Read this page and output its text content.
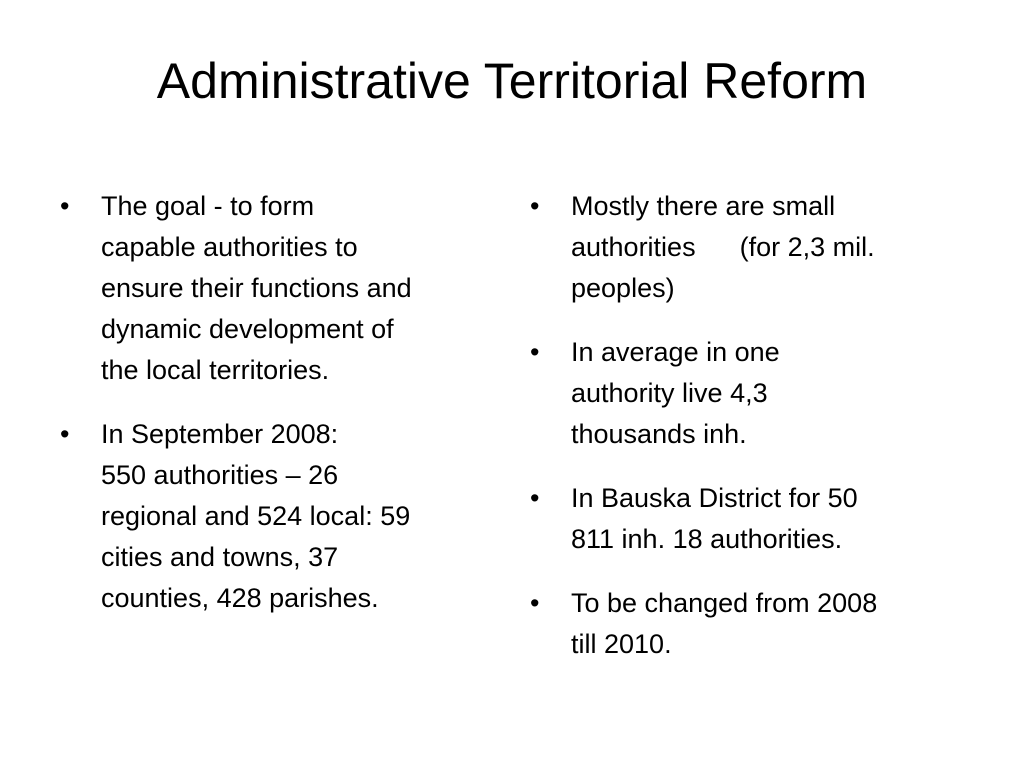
Administrative Territorial Reform
• The goal - to form
capable authorities to
ensure their functions and
dynamic development of
the local territories.
• In September 2008:
550 authorities – 26
regional and 524 local: 59
cities and towns, 37
counties, 428 parishes.
• Mostly there are small
authorities (for 2,3 mil.
peoples)
• In average in one
authority live 4,3
thousands inh.
• In Bauska District for 50
811 inh. 18 authorities.
• To be changed from 2008
till 2010.
